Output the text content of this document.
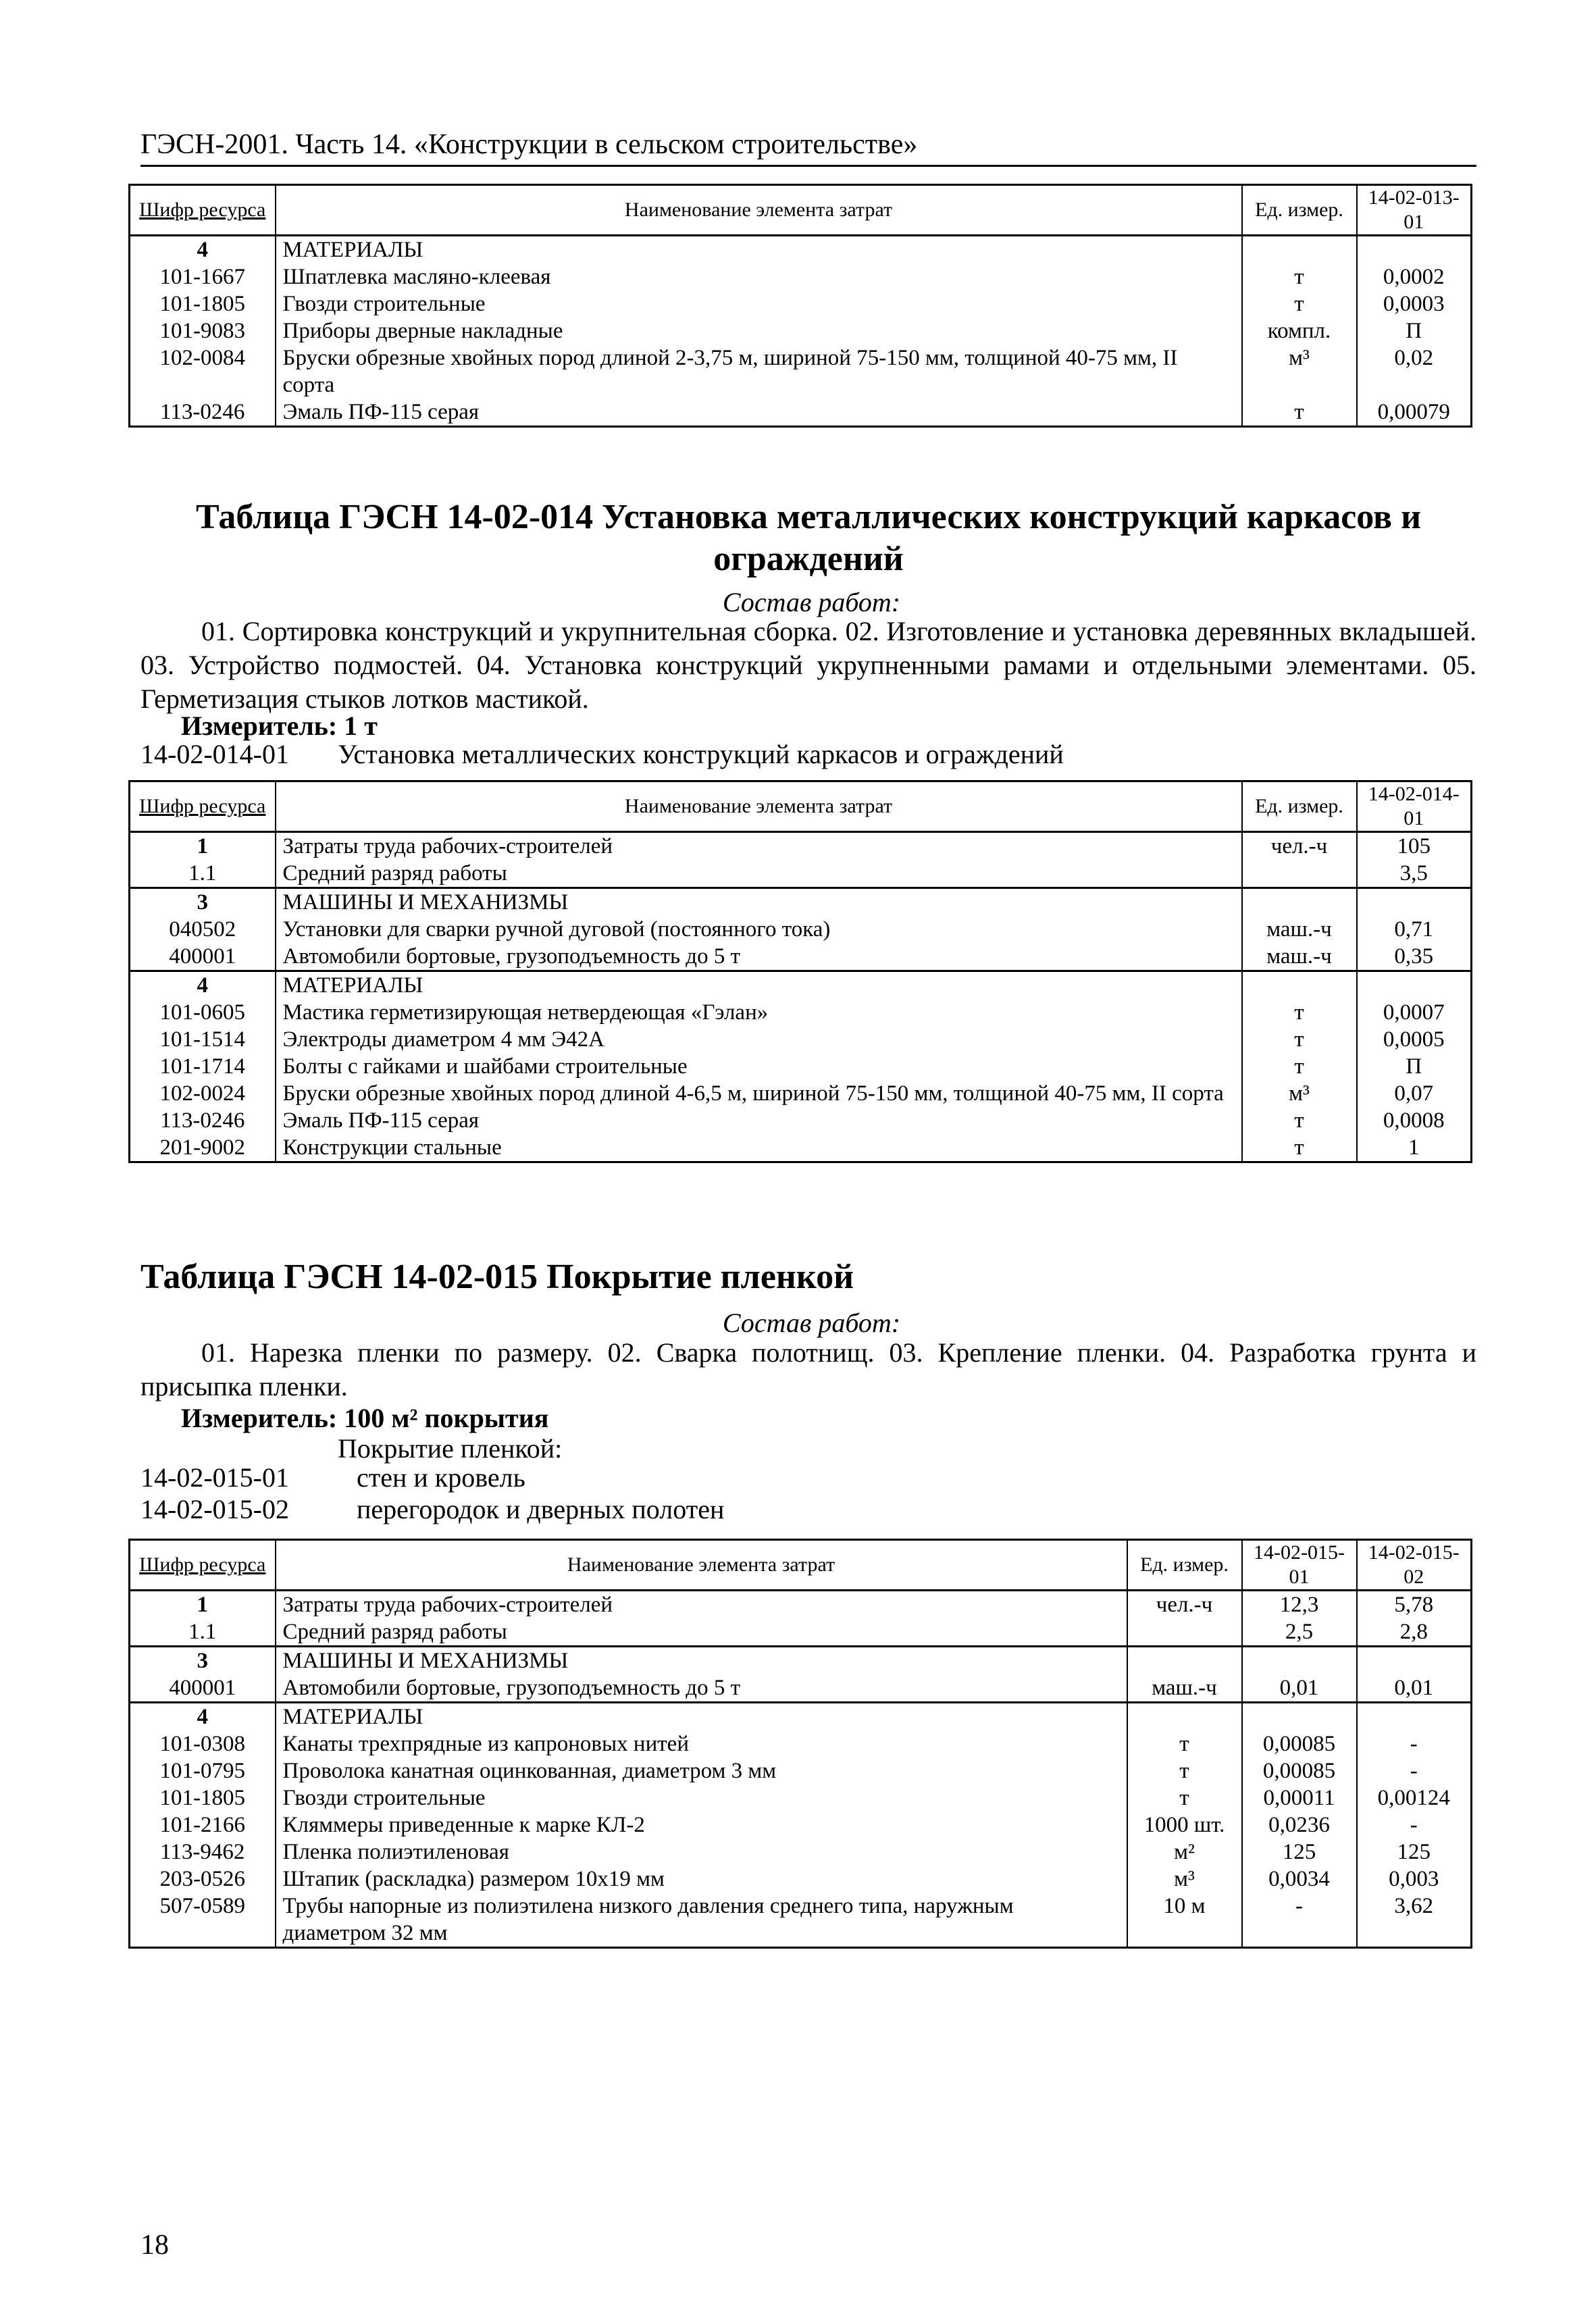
ГЭСН-2001. Часть 14. «Конструкции в сельском строительстве»
Шифр ресурса	Наименование элемента затрат	Ед. измер.	14-02-013-01
4	МАТЕРИАЛЫ		
101-1667	Шпатлевка масляно-клеевая	т	0,0002
101-1805	Гвозди строительные	т	0,0003
101-9083	Приборы дверные накладные	компл.	П
102-0084	Бруски обрезные хвойных пород длиной 2-3,75 м, шириной 75-150 мм, толщиной 40-75 мм, II сорта	м³	0,02
113-0246	Эмаль ПФ-115 серая	т	0,00079
Таблица ГЭСН 14-02-014 Установка металлических конструкций каркасов и ограждений
Состав работ:
01. Сортировка конструкций и укрупнительная сборка. 02. Изготовление и установка деревянных вкладышей. 03. Устройство подмостей. 04. Установка конструкций укрупненными рамами и отдельными элементами. 05. Герметизация стыков лотков мастикой.
Измеритель: 1 т
14-02-014-01 Установка металлических конструкций каркасов и ограждений
Шифр ресурса	Наименование элемента затрат	Ед. измер.	14-02-014-01
1	Затраты труда рабочих-строителей	чел.-ч	105
1.1	Средний разряд работы		3,5
3	МАШИНЫ И МЕХАНИЗМЫ		
040502	Установки для сварки ручной дуговой (постоянного тока)	маш.-ч	0,71
400001	Автомобили бортовые, грузоподъемность до 5 т	маш.-ч	0,35
4	МАТЕРИАЛЫ		
101-0605	Мастика герметизирующая нетвердеющая «Гэлан»	т	0,0007
101-1514	Электроды диаметром 4 мм Э42А	т	0,0005
101-1714	Болты с гайками и шайбами строительные	т	П
102-0024	Бруски обрезные хвойных пород длиной 4-6,5 м, шириной 75-150 мм, толщиной 40-75 мм, II сорта	м³	0,07
113-0246	Эмаль ПФ-115 серая	т	0,0008
201-9002	Конструкции стальные	т	1
Таблица ГЭСН 14-02-015 Покрытие пленкой
Состав работ:
01. Нарезка пленки по размеру. 02. Сварка полотнищ. 03. Крепление пленки. 04. Разработка грунта и присыпка пленки.
Измеритель: 100 м² покрытия
Покрытие пленкой:
14-02-015-01	стен и кровель
14-02-015-02	перегородок и дверных полотен
Шифр ресурса	Наименование элемента затрат	Ед. измер.	14-02-015-01	14-02-015-02
1	Затраты труда рабочих-строителей	чел.-ч	12,3	5,78
1.1	Средний разряд работы		2,5	2,8
3	МАШИНЫ И МЕХАНИЗМЫ			
400001	Автомобили бортовые, грузоподъемность до 5 т	маш.-ч	0,01	0,01
4	МАТЕРИАЛЫ			
101-0308	Канаты трехпрядные из капроновых нитей	т	0,00085	-
101-0795	Проволока канатная оцинкованная, диаметром 3 мм	т	0,00085	-
101-1805	Гвозди строительные	т	0,00011	0,00124
101-2166	Кляммеры приведенные к марке КЛ-2	1000 шт.	0,0236	-
113-9462	Пленка полиэтиленовая	м²	125	125
203-0526	Штапик (раскладка) размером 10x19 мм	м³	0,0034	0,003
507-0589	Трубы напорные из полиэтилена низкого давления среднего типа, наружным диаметром 32 мм	10 м	-	3,62
18
